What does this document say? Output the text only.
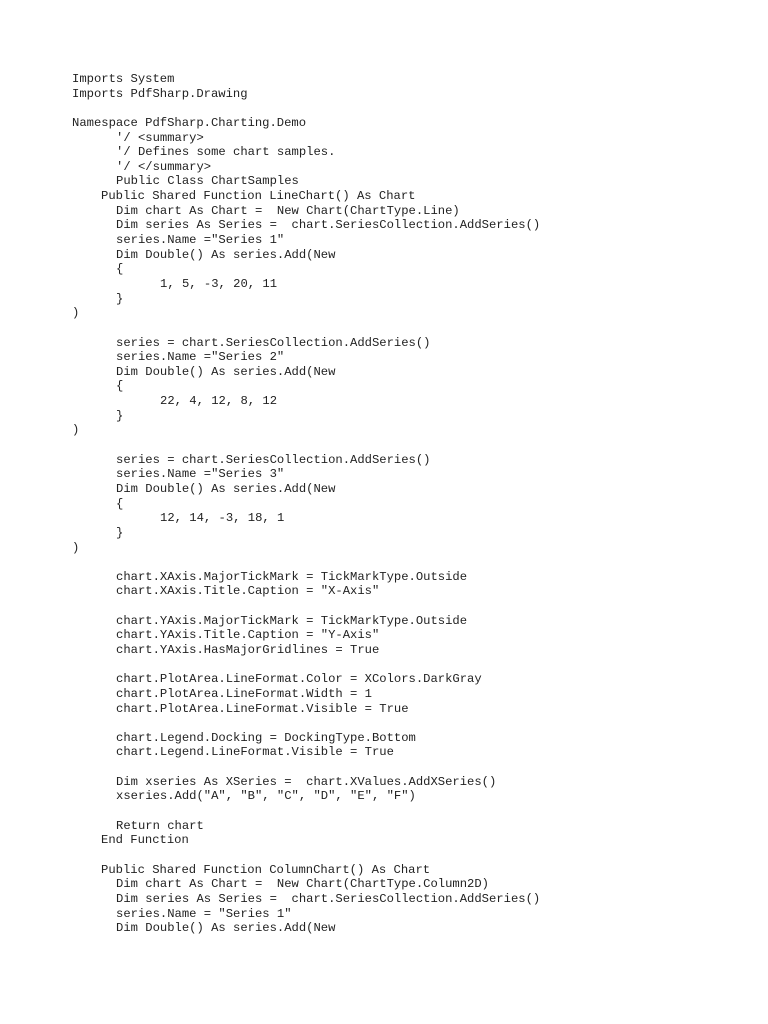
Imports System
Imports PdfSharp.Drawing
Namespace PdfSharp.Charting.Demo
'/ <summary>
'/ Defines some chart samples.
'/ </summary>
Public Class ChartSamples
Public Shared Function LineChart() As Chart
Dim chart As Chart =  New Chart(ChartType.Line)
Dim series As Series =  chart.SeriesCollection.AddSeries()
series.Name ="Series 1"
Dim Double() As series.Add(New
{
1, 5, -3, 20, 11
}
)
series = chart.SeriesCollection.AddSeries()
series.Name ="Series 2"
Dim Double() As series.Add(New
{
22, 4, 12, 8, 12
}
)
series = chart.SeriesCollection.AddSeries()
series.Name ="Series 3"
Dim Double() As series.Add(New
{
12, 14, -3, 18, 1
}
)
chart.XAxis.MajorTickMark = TickMarkType.Outside
chart.XAxis.Title.Caption = "X-Axis"
chart.YAxis.MajorTickMark = TickMarkType.Outside
chart.YAxis.Title.Caption = "Y-Axis"
chart.YAxis.HasMajorGridlines = True
chart.PlotArea.LineFormat.Color = XColors.DarkGray
chart.PlotArea.LineFormat.Width = 1
chart.PlotArea.LineFormat.Visible = True
chart.Legend.Docking = DockingType.Bottom
chart.Legend.LineFormat.Visible = True
Dim xseries As XSeries =  chart.XValues.AddXSeries()
xseries.Add("A", "B", "C", "D", "E", "F")
Return chart
End Function
Public Shared Function ColumnChart() As Chart
Dim chart As Chart =  New Chart(ChartType.Column2D)
Dim series As Series =  chart.SeriesCollection.AddSeries()
series.Name = "Series 1"
Dim Double() As series.Add(New
